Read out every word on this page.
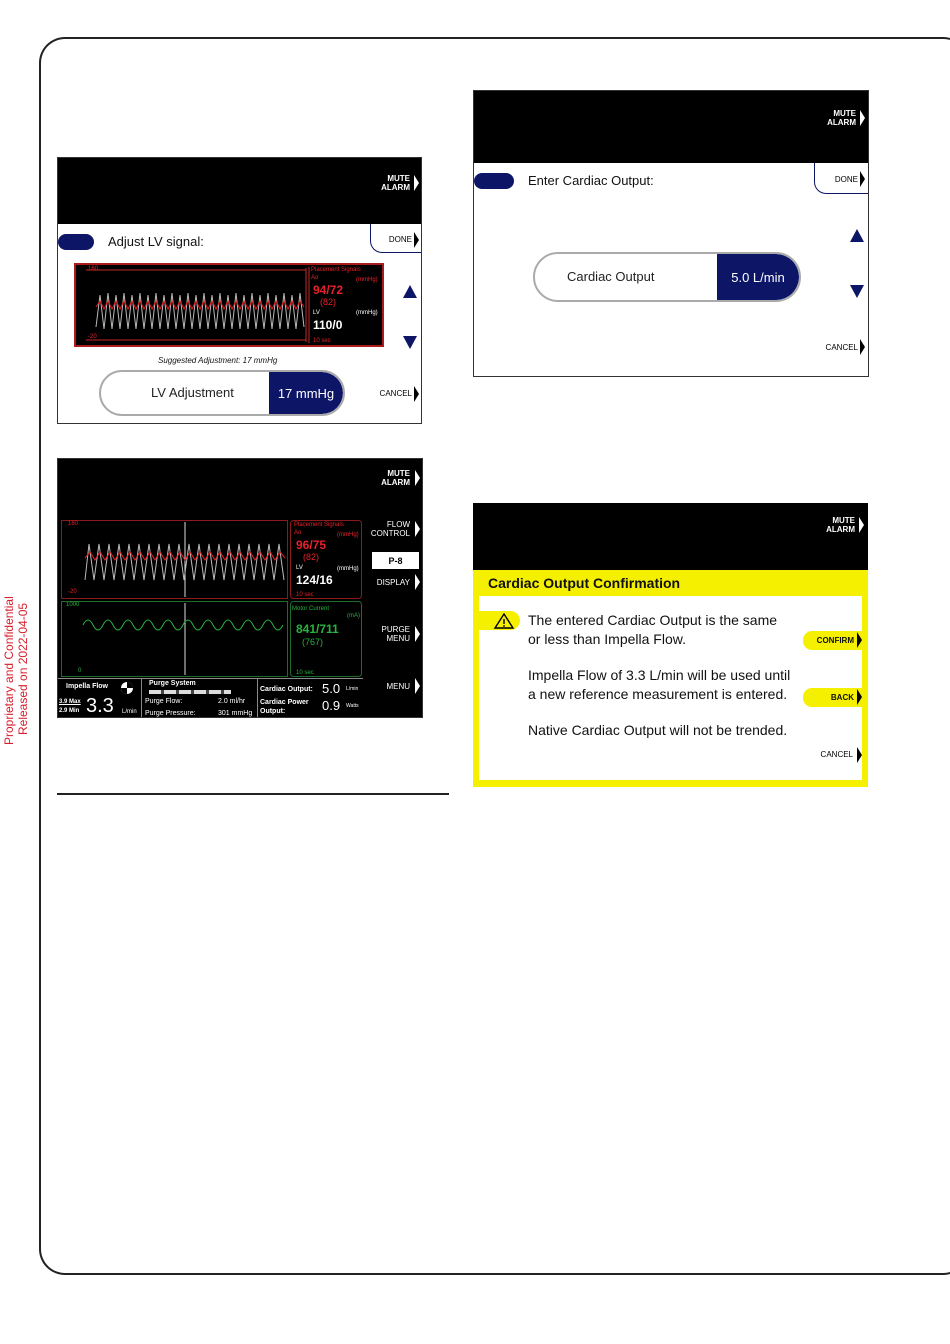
Proprietary and Confidential Released on 2022-04-05
MUTE
ALARM
DONE
Adjust LV signal:
160
-20
Placement Signals
Ao	(mmHg)
94/72
(82)
LV	(mmHg)
110/0
10 sec
Suggested Adjustment: 17 mmHg
LV Adjustment	17 mmHg	CANCEL
MUTE
ALARM
DONE
Enter Cardiac Output:
Cardiac Output	5.0 L/min
CANCEL
MUTE
ALARM
FLOW
CONTROL
P-8
DISPLAY
PURGE
MENU
MENU
160
-20
Placement Signals
Ao	(mmHg)
96/75
(82)
LV	(mmHg)
124/16
10 sec
1000
0
Motor Current
(mA)
841/711
(767)
10 sec
Impella Flow
3.9 Max
2.9 Min 3.3 L/min
Purge System
Purge Flow:	2.0 ml/hr
Purge Pressure:	301 mmHg
Cardiac Output: 5.0 L/min
Cardiac Power
Output:	0.9 Watts
MUTE
ALARM
Cardiac Output Confirmation
The entered Cardiac Output is the same
or less than Impella Flow.
Impella Flow of 3.3 L/min will be used until
a new reference measurement is entered.
Native Cardiac Output will not be trended.
CONFIRM
BACK
CANCEL
